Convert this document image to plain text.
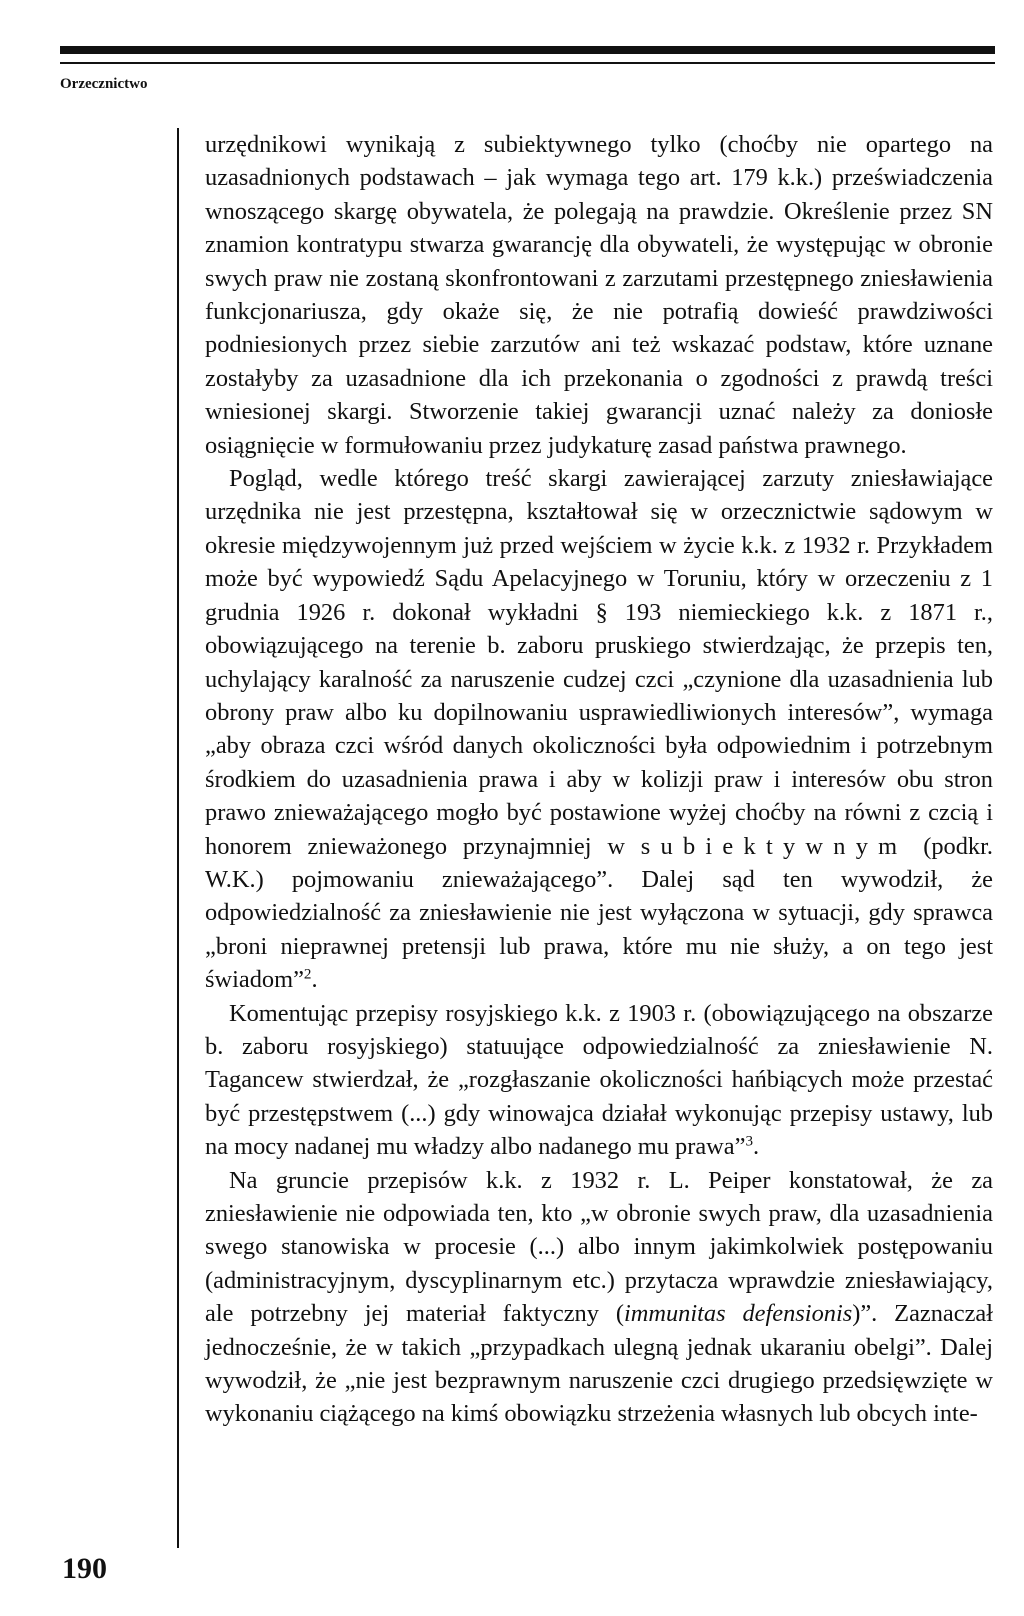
Orzecznictwo

urzędnikowi wynikają z subiektywnego tylko (choćby nie opartego na uzasadnionych podstawach – jak wymaga tego art. 179 k.k.) przeświadczenia wnoszącego skargę obywatela, że polegają na prawdzie. Określenie przez SN znamion kontratypu stwarza gwarancję dla obywateli, że występując w obronie swych praw nie zostaną skonfrontowani z zarzutami przestępnego zniesławienia funkcjonariusza, gdy okaże się, że nie potrafią dowieść prawdziwości podniesionych przez siebie zarzutów ani też wskazać podstaw, które uznane zostałyby za uzasadnione dla ich przekonania o zgodności z prawdą treści wniesionej skargi. Stworzenie takiej gwarancji uznać należy za doniosłe osiągnięcie w formułowaniu przez judykaturę zasad państwa prawnego.

Pogląd, wedle którego treść skargi zawierającej zarzuty zniesławiające urzędnika nie jest przestępna, kształtował się w orzecznictwie sądowym w okresie międzywojennym już przed wejściem w życie k.k. z 1932 r. Przykładem może być wypowiedź Sądu Apelacyjnego w Toruniu, który w orzeczeniu z 1 grudnia 1926 r. dokonał wykładni § 193 niemieckiego k.k. z 1871 r., obowiązującego na terenie b. zaboru pruskiego stwierdzając, że przepis ten, uchylający karalność za naruszenie cudzej czci „czynione dla uzasadnienia lub obrony praw albo ku dopilnowaniu usprawiedliwionych interesów”, wymaga „aby obraza czci wśród danych okoliczności była odpowiednim i potrzebnym środkiem do uzasadnienia prawa i aby w kolizji praw i interesów obu stron prawo znieważającego mogło być postawione wyżej choćby na równi z czcią i honorem znieważonego przynajmniej w subiektywnym (podkr. W.K.) pojmowaniu znieważającego”. Dalej sąd ten wywodził, że odpowiedzialność za zniesławienie nie jest wyłączona w sytuacji, gdy sprawca „broni nieprawnej pretensji lub prawa, które mu nie służy, a on tego jest świadom”$^2$.

Komentując przepisy rosyjskiego k.k. z 1903 r. (obowiązującego na obszarze b. zaboru rosyjskiego) statuujące odpowiedzialność za zniesławienie N. Tagancew stwierdzał, że „rozgłaszanie okoliczności hańbiących może przestać być przestępstwem (...) gdy winowajca działał wykonując przepisy ustawy, lub na mocy nadanej mu władzy albo nadanego mu prawa”$^3$.

Na gruncie przepisów k.k. z 1932 r. L. Peiper konstatował, że za zniesławienie nie odpowiada ten, kto „w obronie swych praw, dla uzasadnienia swego stanowiska w procesie (...) albo innym jakimkolwiek postępowaniu (administracyjnym, dyscyplinarnym etc.) przytacza wprawdzie zniesławiający, ale potrzebny jej materiał faktyczny (immunitas defensionis)”. Zaznaczał jednocześnie, że w takich „przypadkach ulegną jednak ukaraniu obelgi”. Dalej wywodził, że „nie jest bezprawnym naruszenie czci drugiego przedsięwzięte w wykonaniu ciążącego na kimś obowiązku strzeżenia własnych lub obcych inte-

190
